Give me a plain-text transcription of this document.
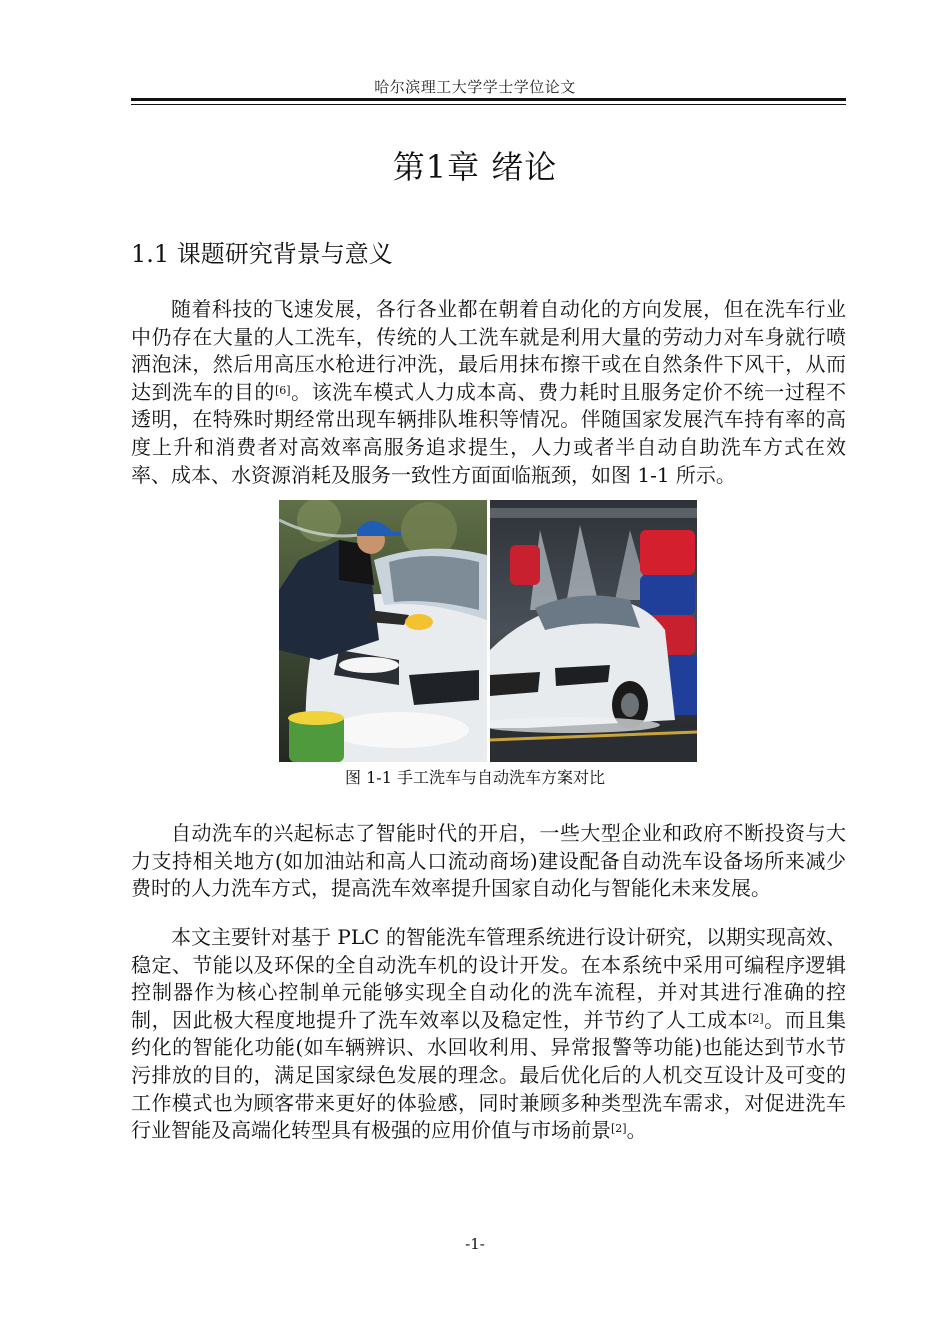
哈尔滨理工大学学士学位论文
第1章 绪论
1.1 课题研究背景与意义

随着科技的飞速发展，各行各业都在朝着自动化的方向发展，但在洗车行业中仍存在大量的人工洗车，传统的人工洗车就是利用大量的劳动力对车身就行喷洒泡沫，然后用高压水枪进行冲洗，最后用抹布擦干或在自然条件下风干，从而达到洗车的目的[6]。该洗车模式人力成本高、费力耗时且服务定价不统一过程不透明，在特殊时期经常出现车辆排队堆积等情况。伴随国家发展汽车持有率的高度上升和消费者对高效率高服务追求提生，人力或者半自动自助洗车方式在效率、成本、水资源消耗及服务一致性方面面临瓶颈，如图 1-1 所示。

图 1-1 手工洗车与自动洗车方案对比

自动洗车的兴起标志了智能时代的开启，一些大型企业和政府不断投资与大力支持相关地方(如加油站和高人口流动商场)建设配备自动洗车设备场所来减少费时的人力洗车方式，提高洗车效率提升国家自动化与智能化未来发展。

本文主要针对基于 PLC 的智能洗车管理系统进行设计研究，以期实现高效、稳定、节能以及环保的全自动洗车机的设计开发。在本系统中采用可编程序逻辑控制器作为核心控制单元能够实现全自动化的洗车流程，并对其进行准确的控制，因此极大程度地提升了洗车效率以及稳定性，并节约了人工成本[2]。而且集约化的智能化功能(如车辆辨识、水回收利用、异常报警等功能)也能达到节水节污排放的目的，满足国家绿色发展的理念。最后优化后的人机交互设计及可变的工作模式也为顾客带来更好的体验感，同时兼顾多种类型洗车需求，对促进洗车行业智能及高端化转型具有极强的应用价值与市场前景[2]。

-1-
